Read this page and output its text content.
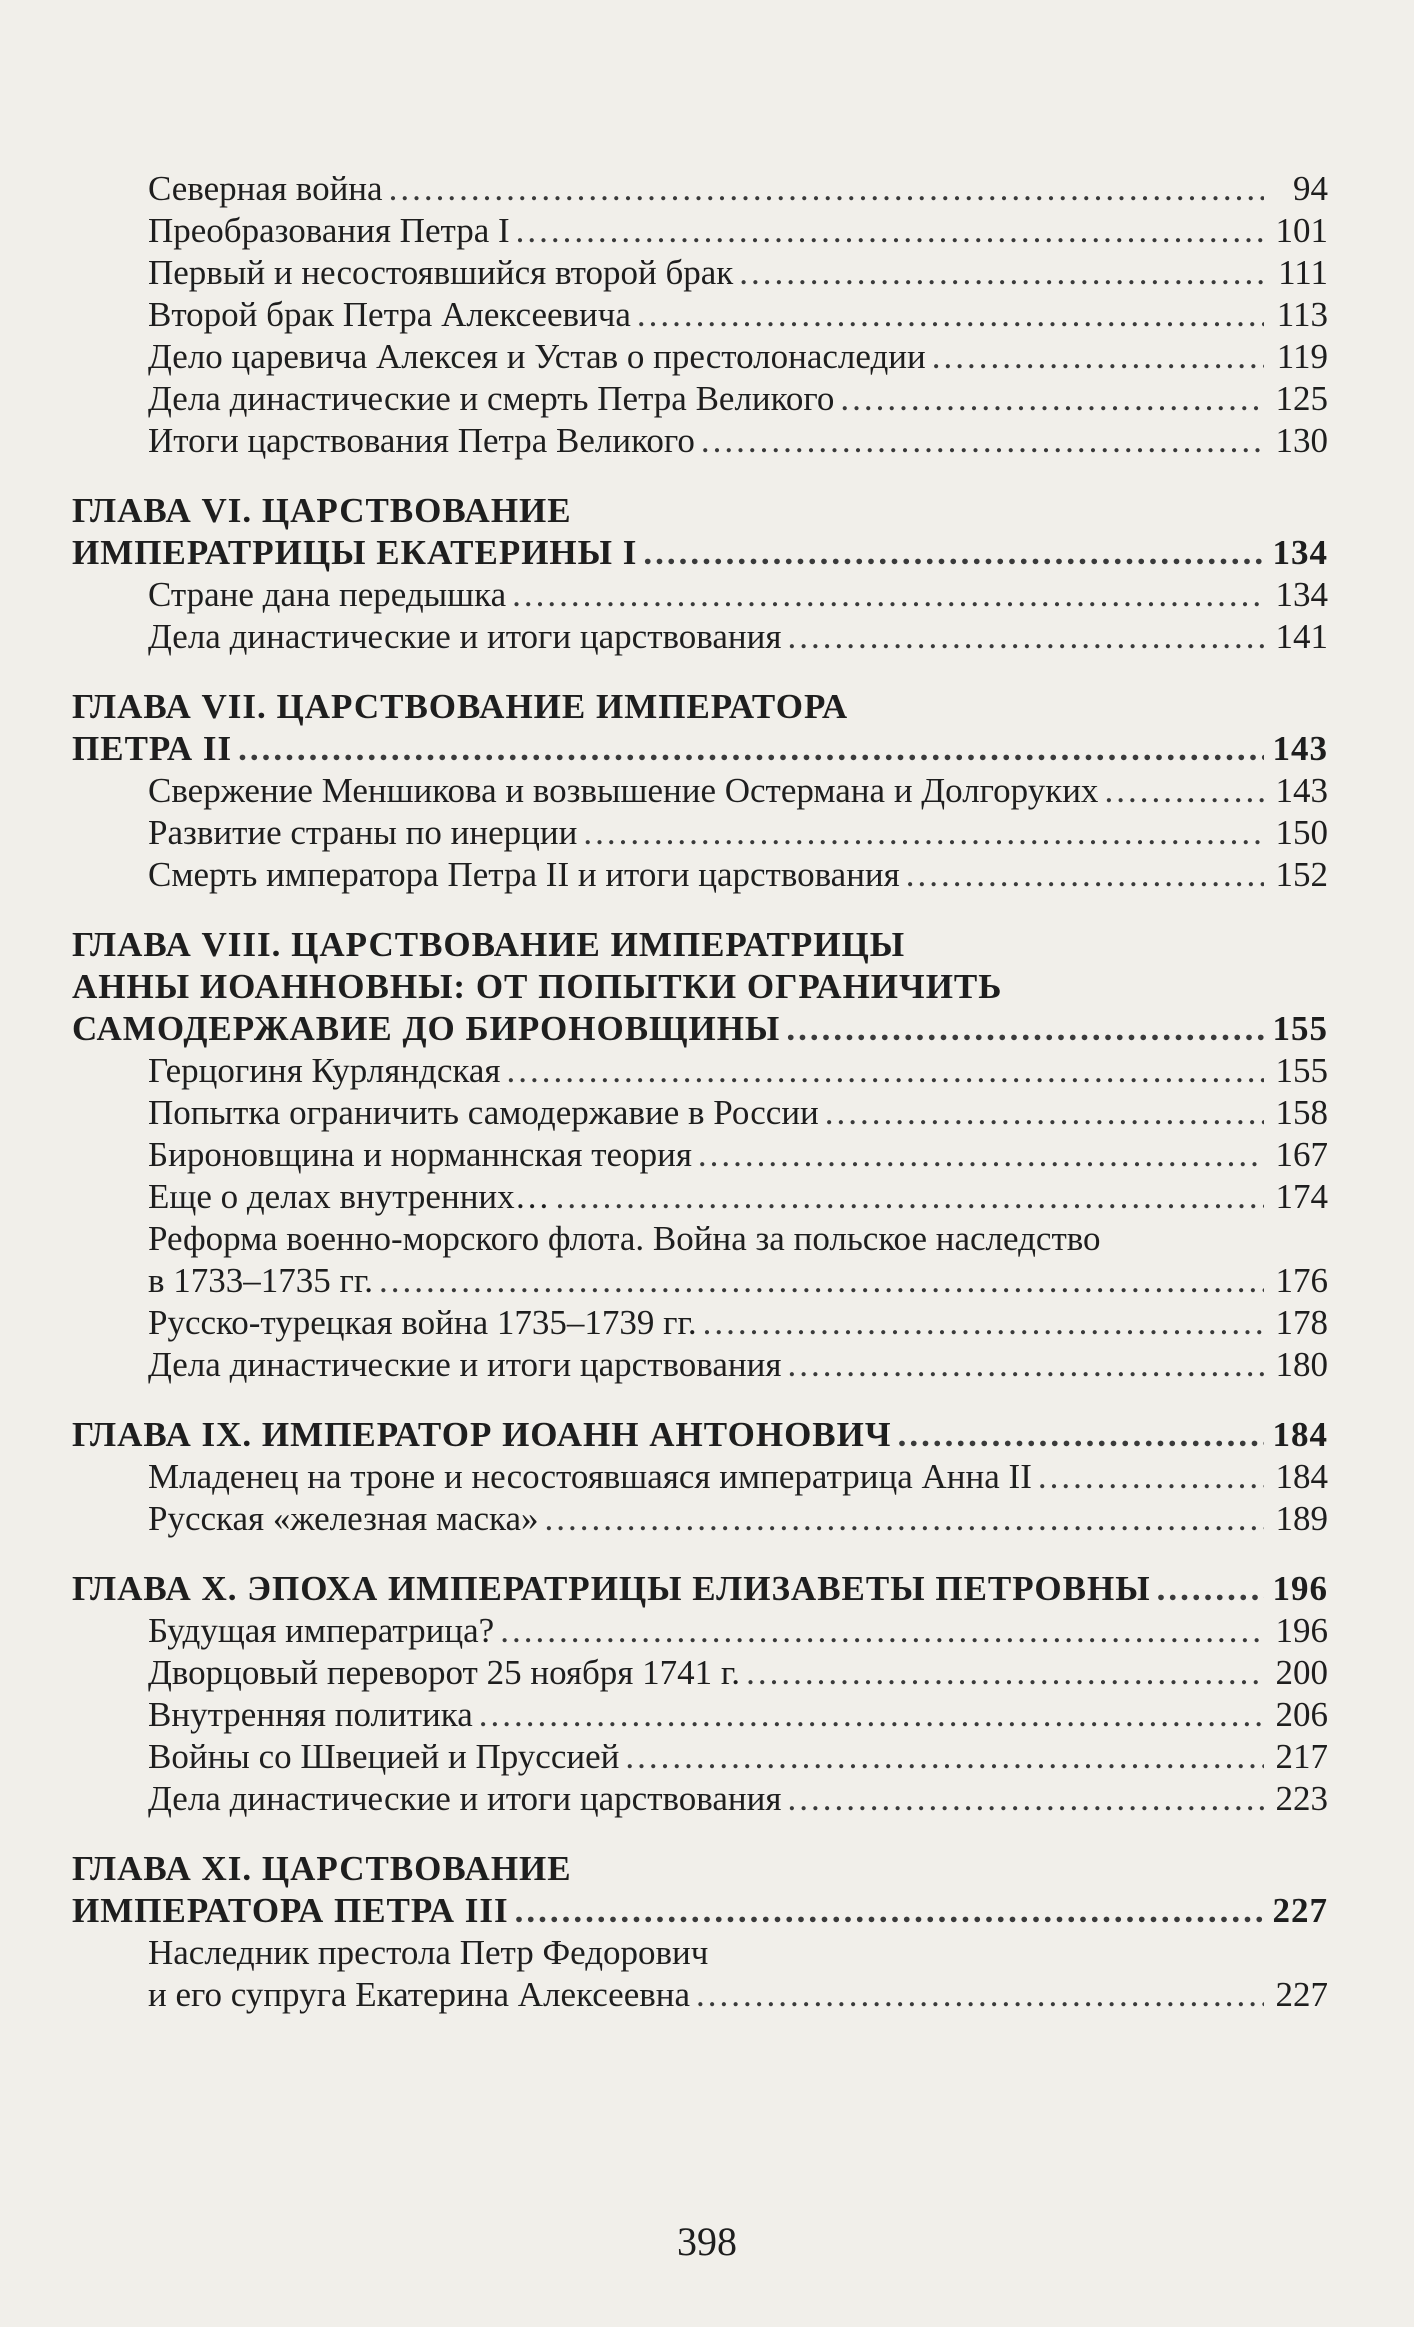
Северная война .....	94
Преобразования Петра I .....	101
Первый и несостоявшийся второй брак .....	111
Второй брак Петра Алексеевича .....	113
Дело царевича Алексея и Устав о престолонаследии .....	119
Дела династические и смерть Петра Великого .....	125
Итоги царствования Петра Великого .....	130
ГЛАВА VI. ЦАРСТВОВАНИЕ
ИМПЕРАТРИЦЫ ЕКАТЕРИНЫ I .....	134
Стране дана передышка .....	134
Дела династические и итоги царствования .....	141
ГЛАВА VII. ЦАРСТВОВАНИЕ ИМПЕРАТОРА
ПЕТРА II .....	143
Свержение Меншикова и возвышение Остермана и Долгоруких .....	143
Развитие страны по инерции .....	150
Смерть императора Петра II и итоги царствования .....	152
ГЛАВА VIII. ЦАРСТВОВАНИЕ ИМПЕРАТРИЦЫ
АННЫ ИОАННОВНЫ: ОТ ПОПЫТКИ ОГРАНИЧИТЬ
САМОДЕРЖАВИЕ ДО БИРОНОВЩИНЫ .....	155
Герцогиня Курляндская .....	155
Попытка ограничить самодержавие в России .....	158
Бироновщина и норманнская теория .....	167
Еще о делах внутренних… .....	174
Реформа военно-морского флота. Война за польское наследство
в 1733–1735 гг. .....	176
Русско-турецкая война 1735–1739 гг. .....	178
Дела династические и итоги царствования .....	180
ГЛАВА IX. ИМПЕРАТОР ИОАНН АНТОНОВИЧ .....	184
Младенец на троне и несостоявшаяся императрица Анна II .....	184
Русская «железная маска» .....	189
ГЛАВА X. ЭПОХА ИМПЕРАТРИЦЫ ЕЛИЗАВЕТЫ ПЕТРОВНЫ .....	196
Будущая императрица? .....	196
Дворцовый переворот 25 ноября 1741 г. .....	200
Внутренняя политика .....	206
Войны со Швецией и Пруссией .....	217
Дела династические и итоги царствования .....	223
ГЛАВА XI. ЦАРСТВОВАНИЕ
ИМПЕРАТОРА ПЕТРА III .....	227
Наследник престола Петр Федорович
и его супруга Екатерина Алексеевна .....	227
398
